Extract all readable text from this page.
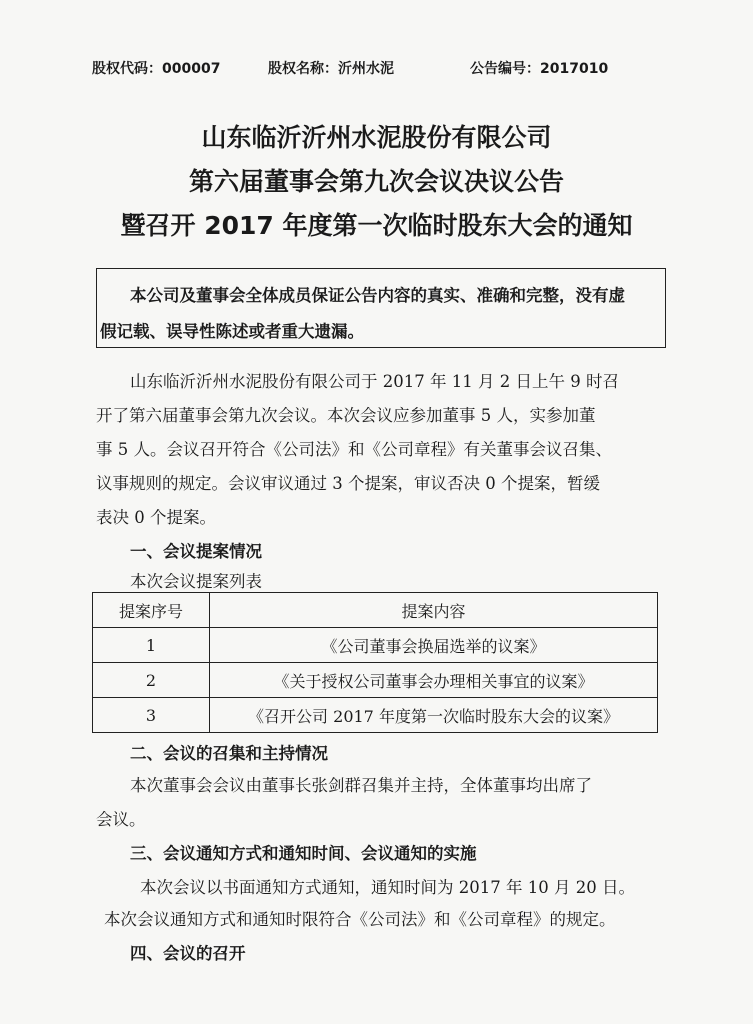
股权代码：000007	股权名称：沂州水泥	公告编号：2017010
山东临沂沂州水泥股份有限公司
第六届董事会第九次会议决议公告
暨召开 2017 年度第一次临时股东大会的通知
本公司及董事会全体成员保证公告内容的真实、准确和完整，没有虚
假记载、误导性陈述或者重大遗漏。
山东临沂沂州水泥股份有限公司于 2017 年 11 月 2 日上午 9 时召
开了第六届董事会第九次会议。本次会议应参加董事 5 人，实参加董
事 5 人。会议召开符合《公司法》和《公司章程》有关董事会议召集、
议事规则的规定。会议审议通过 3 个提案，审议否决 0 个提案，暂缓
表决 0 个提案。
一、会议提案情况
本次会议提案列表
提案序号	提案内容
1	《公司董事会换届选举的议案》
2	《关于授权公司董事会办理相关事宜的议案》
3	《召开公司 2017 年度第一次临时股东大会的议案》
二、会议的召集和主持情况
本次董事会会议由董事长张剑群召集并主持，全体董事均出席了
会议。
三、会议通知方式和通知时间、会议通知的实施
本次会议以书面通知方式通知，通知时间为 2017 年 10 月 20 日。
本次会议通知方式和通知时限符合《公司法》和《公司章程》的规定。
四、会议的召开
